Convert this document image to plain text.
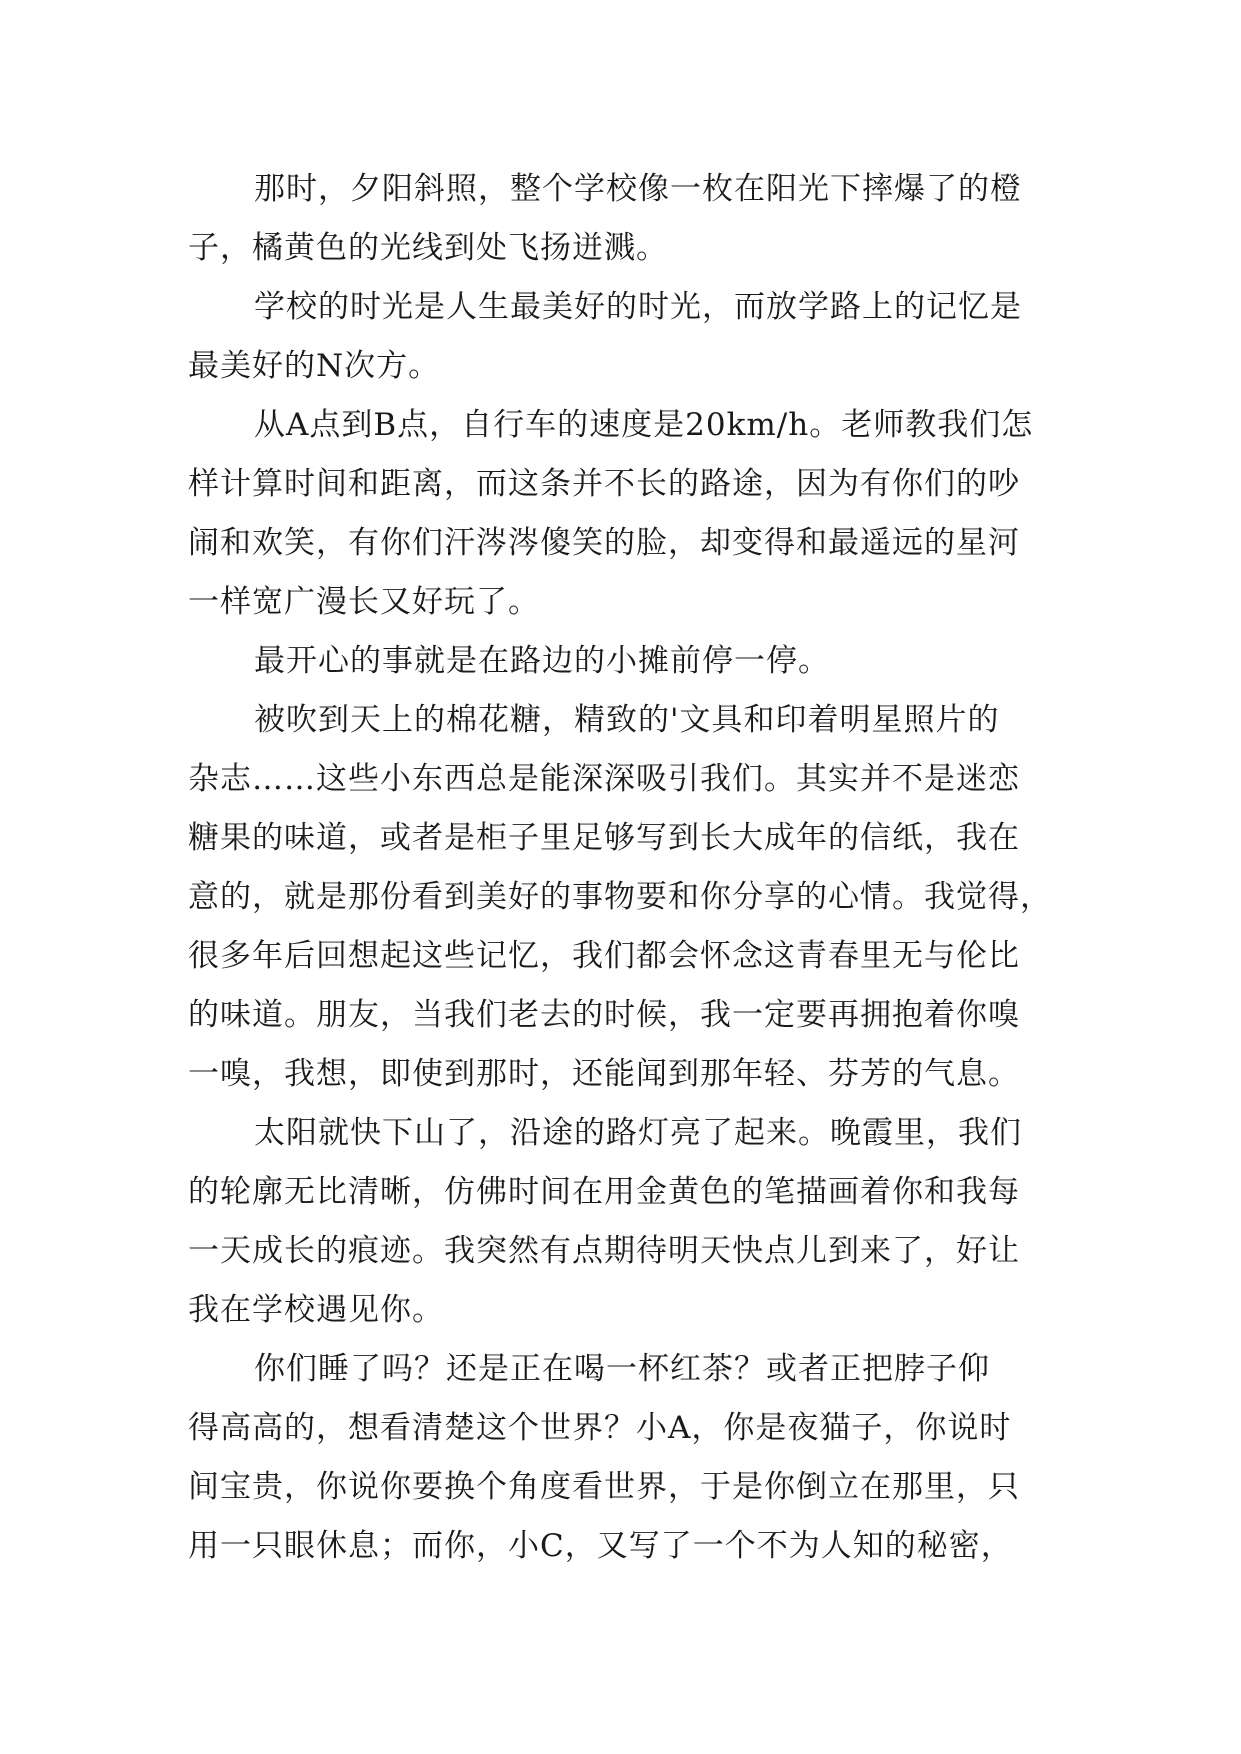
那时，夕阳斜照，整个学校像一枚在阳光下摔爆了的橙
子，橘黄色的光线到处飞扬迸溅。
学校的时光是人生最美好的时光，而放学路上的记忆是
最美好的N次方。
从A点到B点，自行车的速度是20km/h。老师教我们怎
样计算时间和距离，而这条并不长的路途，因为有你们的吵
闹和欢笑，有你们汗涔涔傻笑的脸，却变得和最遥远的星河
一样宽广漫长又好玩了。
最开心的事就是在路边的小摊前停一停。
被吹到天上的棉花糖，精致的'文具和印着明星照片的
杂志……这些小东西总是能深深吸引我们。其实并不是迷恋
糖果的味道，或者是柜子里足够写到长大成年的信纸，我在
意的，就是那份看到美好的事物要和你分享的心情。我觉得，
很多年后回想起这些记忆，我们都会怀念这青春里无与伦比
的味道。朋友，当我们老去的时候，我一定要再拥抱着你嗅
一嗅，我想，即使到那时，还能闻到那年轻、芬芳的气息。
太阳就快下山了，沿途的路灯亮了起来。晚霞里，我们
的轮廓无比清晰，仿佛时间在用金黄色的笔描画着你和我每
一天成长的痕迹。我突然有点期待明天快点儿到来了，好让
我在学校遇见你。
你们睡了吗？还是正在喝一杯红茶？或者正把脖子仰
得高高的，想看清楚这个世界？小A，你是夜猫子，你说时
间宝贵，你说你要换个角度看世界，于是你倒立在那里，只
用一只眼休息；而你，小C，又写了一个不为人知的秘密，
